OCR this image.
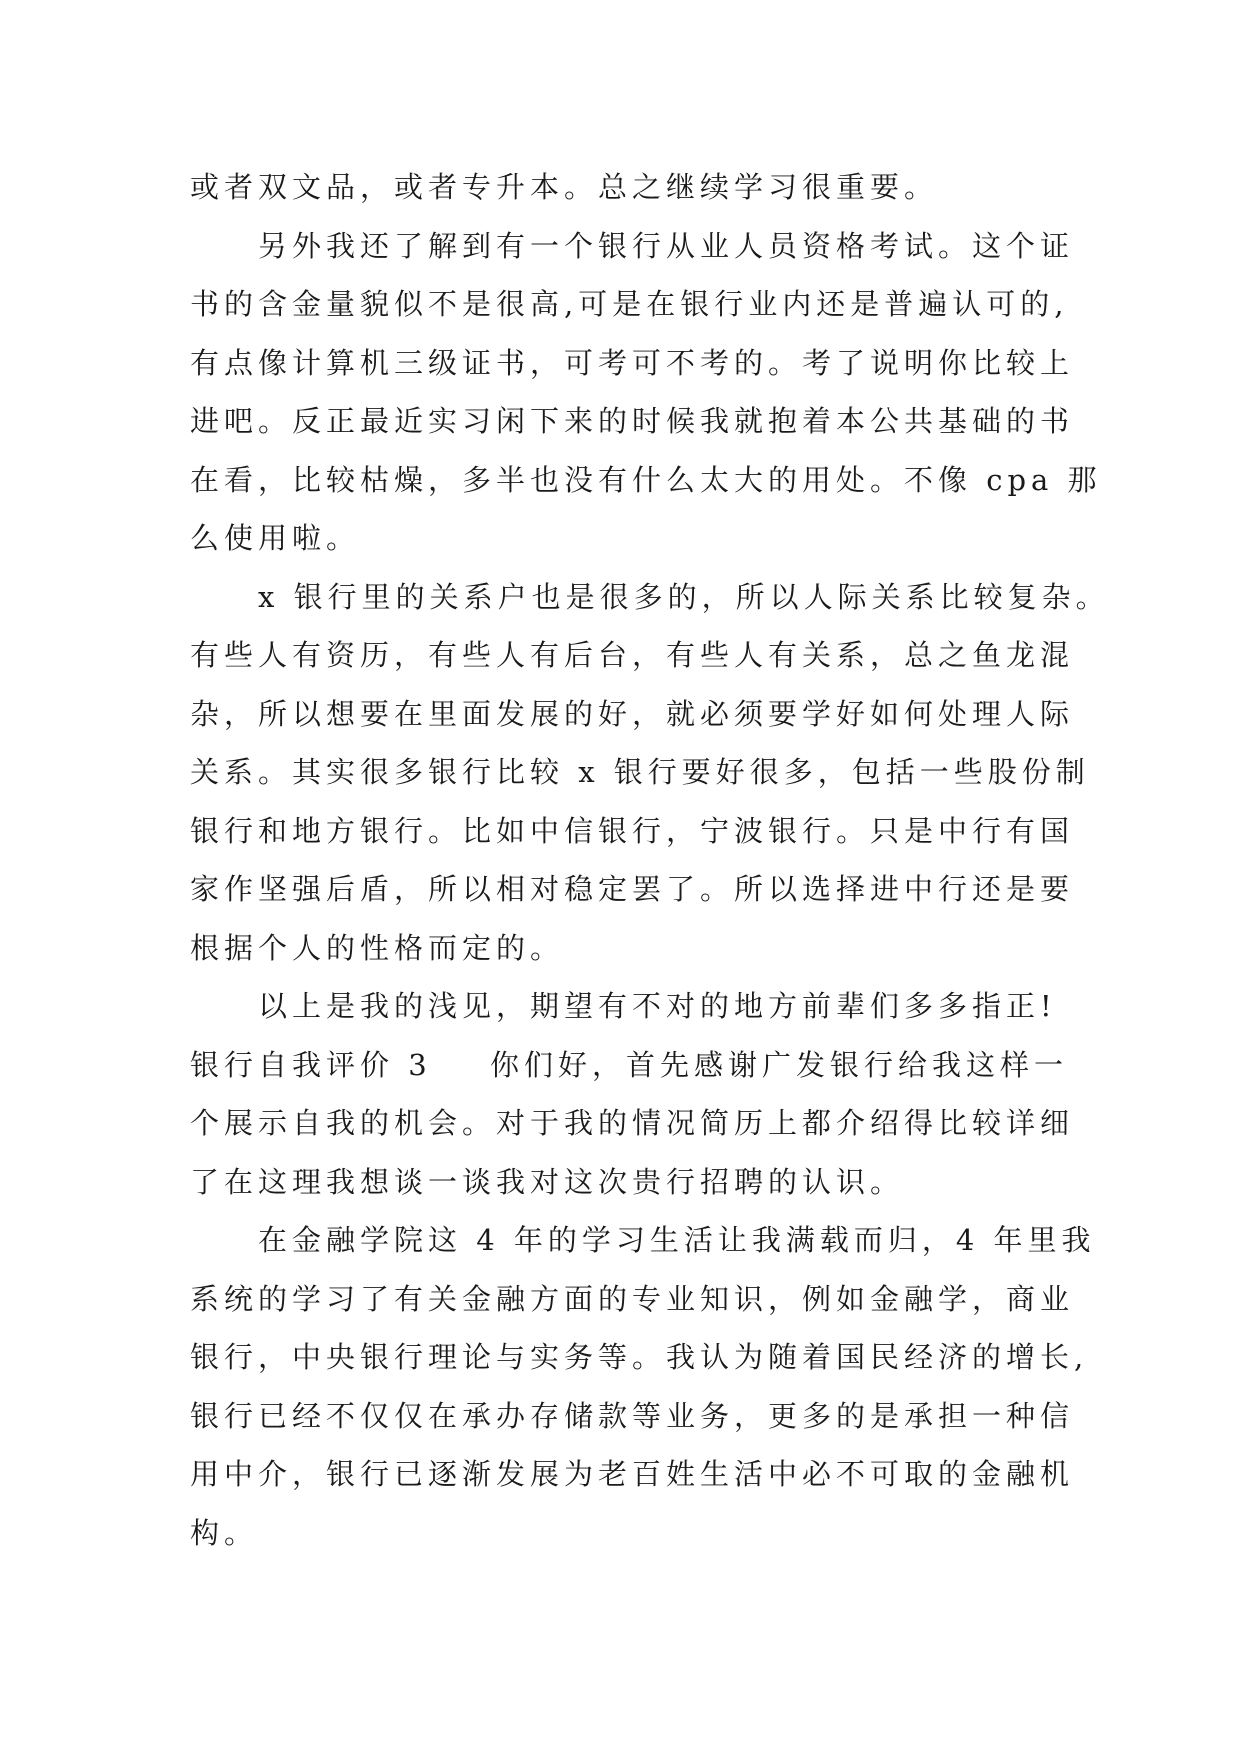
或者双文品，或者专升本。总之继续学习很重要。
另外我还了解到有一个银行从业人员资格考试。这个证
书的含金量貌似不是很高,可是在银行业内还是普遍认可的,
有点像计算机三级证书，可考可不考的。考了说明你比较上
进吧。反正最近实习闲下来的时候我就抱着本公共基础的书
在看，比较枯燥，多半也没有什么太大的用处。不像 cpa 那
么使用啦。
x 银行里的关系户也是很多的，所以人际关系比较复杂。
有些人有资历，有些人有后台，有些人有关系，总之鱼龙混
杂，所以想要在里面发展的好，就必须要学好如何处理人际
关系。其实很多银行比较 x 银行要好很多，包括一些股份制
银行和地方银行。比如中信银行，宁波银行。只是中行有国
家作坚强后盾，所以相对稳定罢了。所以选择进中行还是要
根据个人的性格而定的。
以上是我的浅见，期望有不对的地方前辈们多多指正!
银行自我评价 3 你们好，首先感谢广发银行给我这样一
个展示自我的机会。对于我的情况简历上都介绍得比较详细
了在这理我想谈一谈我对这次贵行招聘的认识。
在金融学院这 4 年的学习生活让我满载而归，4 年里我
系统的学习了有关金融方面的专业知识，例如金融学，商业
银行，中央银行理论与实务等。我认为随着国民经济的增长,
银行已经不仅仅在承办存储款等业务，更多的是承担一种信
用中介，银行已逐渐发展为老百姓生活中必不可取的金融机
构。
